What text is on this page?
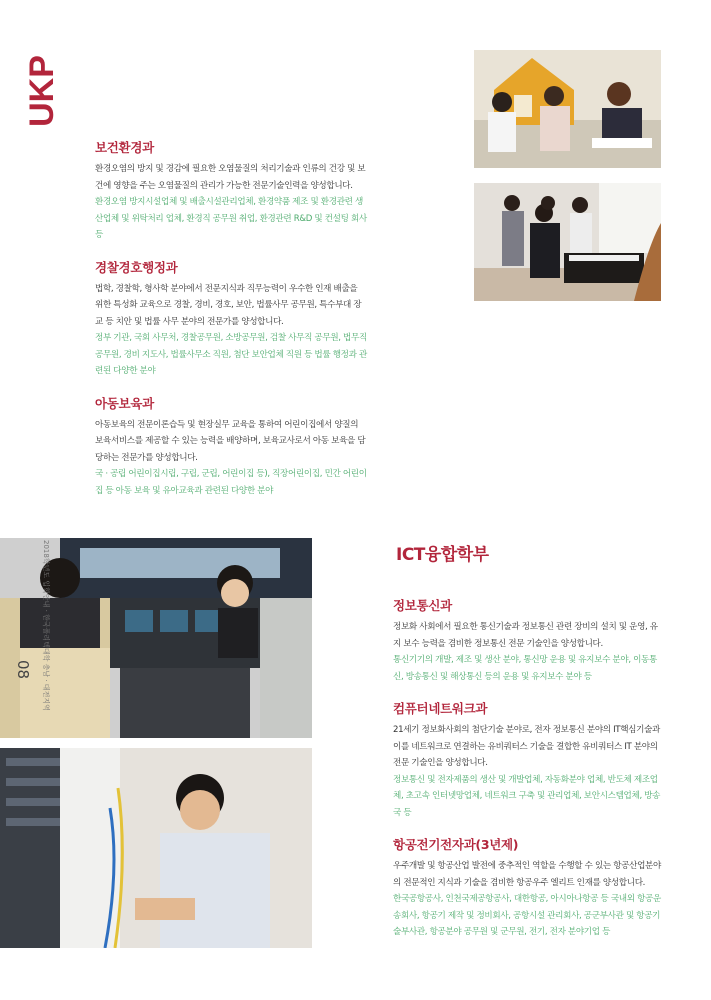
UKP
보건환경과

환경오염의 방지 및 경감에 필요한 오염물질의 처리기술과 인류의 건강 및 보건에 영향을 주는 오염물질의 관리가 가능한 전문기술인력을 양성합니다.

환경오염 방지시설업체 및 배출시설관리업체, 환경약품 제조 및 환경관련 생산업체 및 위탁처리 업체, 환경직 공무원 취업, 환경관련 R&D 및 컨설팅 회사 등

경찰경호행정과

법학, 경찰학, 형사학 분야에서 전문지식과 직무능력이 우수한 인재 배출을 위한 특성화 교육으로 경찰, 경비, 경호, 보안, 법률사무 공무원, 특수부대 장교 등 치안 및 법률 사무 분야의 전문가를 양성합니다.

정부 기관, 국회 사무처, 경찰공무원, 소방공무원, 검찰 사무직 공무원, 법무직 공무원, 경비 지도사, 법률사무소 직원, 첨단 보안업체 직원 등 법률 행정과 관련된 다양한 분야

아동보육과

아동보육의 전문이론습득 및 현장실무 교육을 통하여 어린이집에서 양질의 보육서비스를 제공할 수 있는 능력을 배양하며, 보육교사로서 아동 보육을 담당하는 전문가를 양성합니다.

국 · 공립 어린이집시립, 구립, 군립, 어린이집 등), 직장어린이집, 민간 어린이집 등 아동 보육 및 유아교육과 관련된 다양한 분야

2018학년도 입학안내 · 한국폴리텍대학 충남 · 대전지역
08
ICT융합학부
정보통신과

정보화 사회에서 필요한 통신기술과 정보통신 관련 장비의 설치 및 운영, 유지 보수 능력을 겸비한 정보통신 전문 기술인을 양성합니다.

통신기기의 개발, 제조 및 생산 분야, 통신망 운용 및 유지보수 분야, 이동통신, 방송통신 및 해상통신 등의 운용 및 유지보수 분야 등

컴퓨터네트워크과

21세기 정보화사회의 첨단기술 분야로, 전자 정보통신 분야의 IT핵심기술과 이를 네트워크로 연결하는 유비쿼터스 기술을 결합한 유비쿼터스 IT 분야의 전문 기술인을 양성합니다.

정보통신 및 전자제품의 생산 및 개발업체, 자동화분야 업체, 반도체 제조업체, 초고속 인터넷망업체, 네트워크 구축 및 관리업체, 보안시스템업체, 방송국 등

항공전기전자과(3년제)

우주개발 및 항공산업 발전에 중추적인 역할을 수행할 수 있는 항공산업분야의 전문적인 지식과 기술을 겸비한 항공우주 엘리트 인재를 양성합니다.

한국공항공사, 인천국제공항공사, 대한항공, 아시아나항공 등 국내외 항공운송회사, 항공기 제작 및 정비회사, 공항시설 관리회사, 공군부사관 및 항공기술부사관, 항공분야 공무원 및 군무원, 전기, 전자 분야기업 등
